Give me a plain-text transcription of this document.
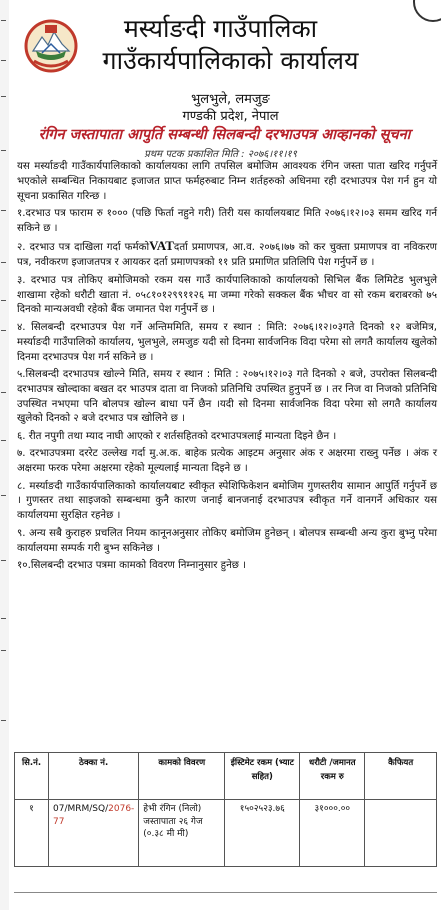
मर्स्याङदी गाउँपालिका
गाउँकार्यपालिकाको कार्यालय
भुलभुले, लमजुङ
गण्डकी प्रदेश, नेपाल
रंगिन जस्तापाता आपुर्ति सम्बन्धी सिलबन्दी दरभाउपत्र आव्हानको सूचना
प्रथम पटक प्रकाशित मिति : २०७६।११।१९

यस मर्स्याङदी गाउँकार्यपालिकाको कार्यालयका लागि तपसिल बमोजिम आवश्यक रंगिन जस्ता पाता खरिद गर्नुपर्ने भएकोले सम्बन्धित निकायबाट इजाजत प्राप्त फर्महरुबाट निम्न शर्तहरुको अधिनमा रही दरभाउपत्र पेश गर्न हुन यो सूचना प्रकासित गरिन्छ ।

१.दरभाउ पत्र फाराम रु १००० (पछि फिर्ता नहुने गरी) तिरी यस कार्यालयबाट मिति २०७६।१२।०३ समम खरिद गर्न सकिने छ ।

२. दरभाउ पत्र दाखिला गर्दा फर्मकोVATदर्ता प्रमाणपत्र, आ.व. २०७६।७७ को कर चुक्ता प्रमाणपत्र वा नविकरण पत्र, नवीकरण इजाजतपत्र र आयकर दर्ता प्रमाणपत्रको ११ प्रति प्रमाणित प्रतिलिपि पेश गर्नुपर्ने छ ।

३. दरभाउ पत्र तोकिए बमोजिमको रकम यस गाउँ कार्यपालिकाको कार्यालयको सिभिल बैंक लिमिटेड भुलभुले शाखामा रहेको धरौटी खाता नं. ०५८१०१२९९११२६ मा जम्मा गरेको सक्कल बैंक भौचर वा सो रकम बराबरको ७५ दिनको मान्यअवधी रहेको बैंक जमानत पेश गर्नुपर्ने छ ।

४. सिलबन्दी दरभाउपत्र पेश गर्ने अन्तिममिति, समय र स्थान : मिति: २०७६।१२।०३गते दिनको १२ बजेमित्र, मर्स्याङदी गाउँपालिको कार्यालय, भुलभुले, लमजुङ यदी सो दिनमा सार्वजनिक विदा परेमा सो लगतै कार्यालय खुलेको दिनमा दरभाउपत्र पेश गर्न सकिने छ ।

५.सिलबन्दी दरभाउपत्र खोल्ने मिति, समय र स्थान : मिति : २०७५।१२।०३ गते दिनको २ बजे, उपरोक्त सिलबन्दी दरभाउपत्र खोल्दाका बखत दर भाउपत्र दाता वा निजको प्रतिनिधि उपस्थित हुनुपर्ने छ । तर निज वा निजको प्रतिनिधि उपस्थित नभएमा पनि बोलपत्र खोल्न बाधा पर्ने छैन ।यदी सो दिनमा सार्वजनिक विदा परेमा सो लगतै कार्यालय खुलेको दिनको २ बजे दरभाउ पत्र खोलिने छ ।

६. रीत नपुगी तथा म्याद नाघी आएको र शर्तसहितको दरभाउपत्रलाई मान्यता दिइने छैन ।

७. दरभाउपत्रमा दररेट उल्लेख गर्दा मु.अ.क. बाहेक प्रत्येक आइटम अनुसार अंक र अक्षरमा राख्नु पर्नेछ । अंक र अक्षरमा फरक परेमा अक्षरमा रहेको मूल्यलाई मान्यता दिइने छ ।

८. मर्स्याङदी गाउँकार्यपालिकाको कार्यालयबाट स्वीकृत स्पेशिफिकेशन बमोजिम गुणस्तरीय सामान आपुर्ति गर्नुपर्ने छ । गुणस्तर तथा साइजको सम्बन्धमा कुनै कारण जनाई बानजनाई दरभाउपत्र स्वीकृत गर्ने वानगर्ने अधिकार यस कार्यालयमा सुरक्षित रहनेछ ।

९. अन्य सबै कुराहरु प्रचलित नियम कानूनअनुसार तोकिए बमोजिम हुनेछन् । बोलपत्र सम्बन्धी अन्य कुरा बुभ्नु परेमा कार्यालयमा सम्पर्क गरी बुभ्न सकिनेछ ।

१०.सिलबन्दी दरभाउ पत्रमा कामको विवरण निम्नानुसार हुनेछ ।

सि.नं.	ठेक्का नं.	कामको विवरण	ईस्टिमेट रकम (भ्याट सहित)	धरौटी /जमानत रकम रु	कैफियत
१	07/MRM/SQ/2076-77	हेभी रंगिन (निलो) जस्तापाता २६ गेज (०.३८ मी मी)	१५०२५२३.७६	३१०००.००	
